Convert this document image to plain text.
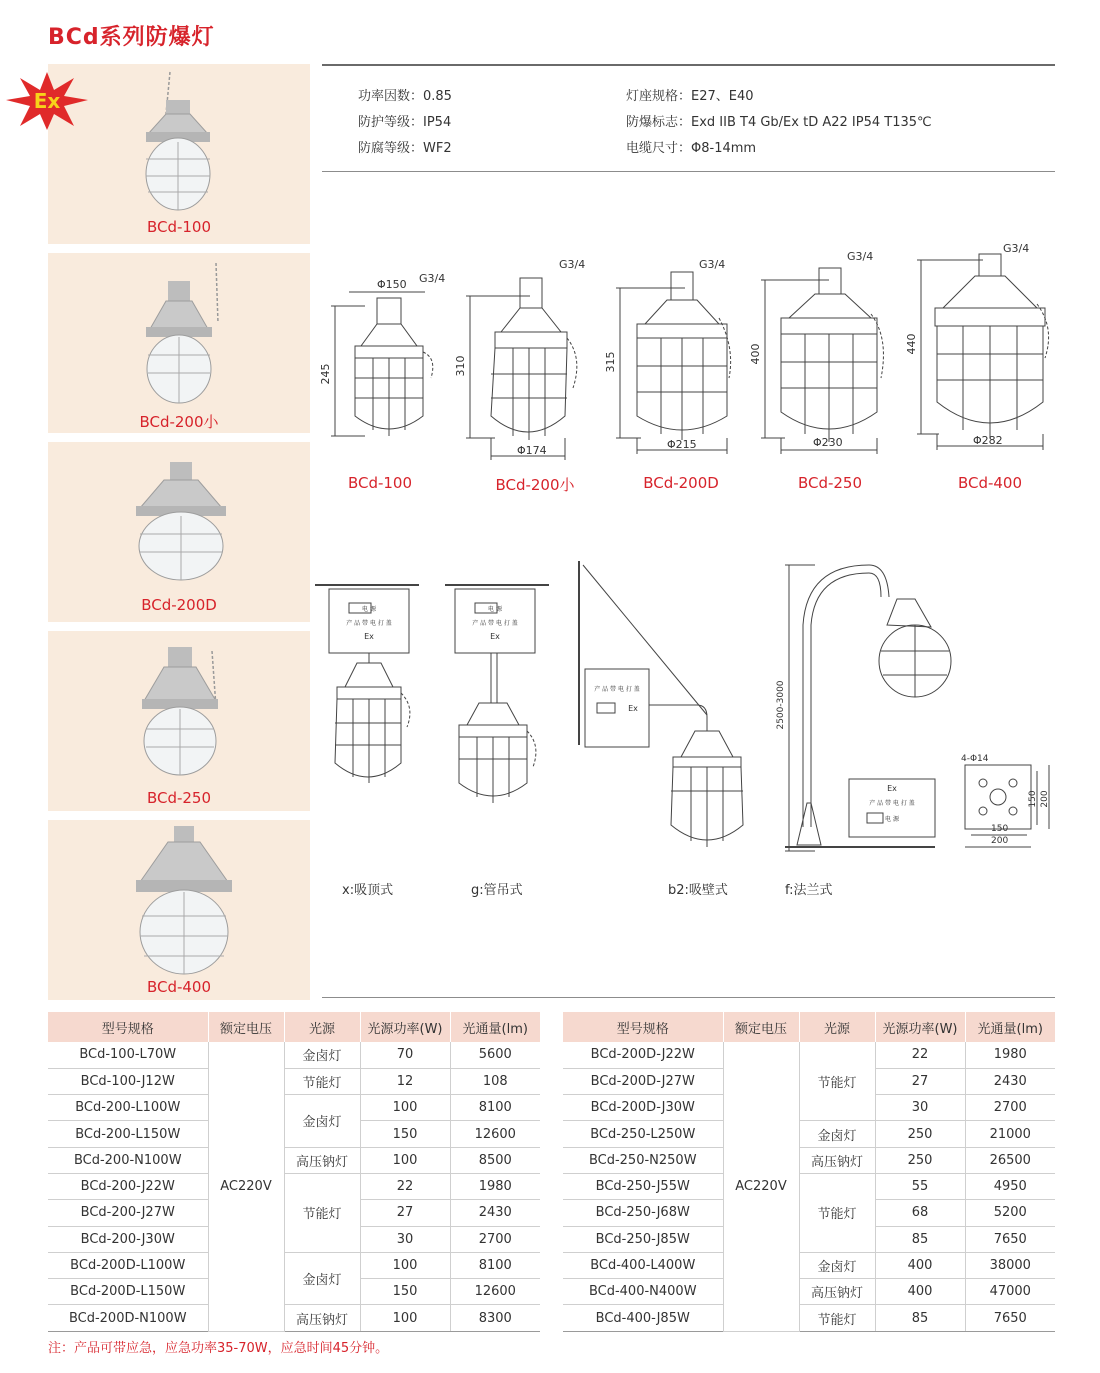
BCd系列防爆灯
BCd-100
BCd-200小
BCd-200D
BCd-250
BCd-400
Ex	功率因数：0.85
防护等级：IP54
防腐等级：WF2
灯座规格：E27、E40
防爆标志：Exd IIB T4 Gb/Ex tD A22 IP54 T135℃
电缆尺寸：Φ8-14mm
245
Φ150 G3/4
310
G3/4
Φ174
315
G3/4
Φ215
400
G3/4
Φ230
440
G3/4
Φ282
BCd-100	BCd-200小	BCd-200D	BCd-250	BCd-400
电 源
产 品 带 电 打 盖
Ex
电 源
产 品 带 电 打 盖
Ex
产 品 带 电 打 盖
Ex
Ex
产 品 带 电 打 盖
电 源
2500-3000
4-Φ14
150
200
150 200
x:吸顶式	g:管吊式	b2:吸壁式	f:法兰式
型号规格	额定电压	光源	光源功率(W)	光通量(lm)
BCd-100-L70W	AC220V	金卤灯	70	5600
BCd-100-J12W		节能灯	12	108
BCd-200-L100W		金卤灯	100	8100
BCd-200-L150W			150	12600
BCd-200-N100W		高压钠灯	100	8500
BCd-200-J22W		节能灯	22	1980
BCd-200-J27W			27	2430
BCd-200-J30W			30	2700
BCd-200D-L100W		金卤灯	100	8100
BCd-200D-L150W			150	12600
BCd-200D-N100W		高压钠灯	100	8300
型号规格	额定电压	光源	光源功率(W)	光通量(lm)
BCd-200D-J22W	AC220V	节能灯	22	1980
BCd-200D-J27W			27	2430
BCd-200D-J30W			30	2700
BCd-250-L250W		金卤灯	250	21000
BCd-250-N250W		高压钠灯	250	26500
BCd-250-J55W		节能灯	55	4950
BCd-250-J68W			68	5200
BCd-250-J85W			85	7650
BCd-400-L400W		金卤灯	400	38000
BCd-400-N400W		高压钠灯	400	47000
BCd-400-J85W		节能灯	85	7650
注：产品可带应急，应急功率35-70W，应急时间45分钟。
